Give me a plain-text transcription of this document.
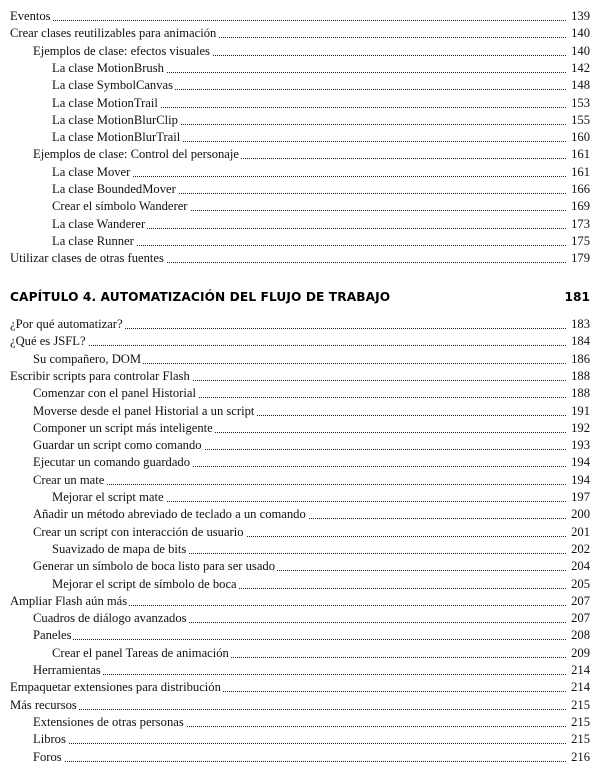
Eventos	139
Crear clases reutilizables para animación	140
Ejemplos de clase: efectos visuales	140
La clase MotionBrush	142
La clase SymbolCanvas	148
La clase MotionTrail	153
La clase MotionBlurClip	155
La clase MotionBlurTrail	160
Ejemplos de clase: Control del personaje	161
La clase Mover	161
La clase BoundedMover	166
Crear el símbolo Wanderer	169
La clase Wanderer	173
La clase Runner	175
Utilizar clases de otras fuentes	179
CAPÍTULO 4. AUTOMATIZACIÓN DEL FLUJO DE TRABAJO	181
¿Por qué automatizar?	183
¿Qué es JSFL?	184
Su compañero, DOM	186
Escribir scripts para controlar Flash	188
Comenzar con el panel Historial	188
Moverse desde el panel Historial a un script	191
Componer un script más inteligente	192
Guardar un script como comando	193
Ejecutar un comando guardado	194
Crear un mate	194
Mejorar el script mate	197
Añadir un método abreviado de teclado a un comando	200
Crear un script con interacción de usuario	201
Suavizado de mapa de bits	202
Generar un símbolo de boca listo para ser usado	204
Mejorar el script de símbolo de boca	205
Ampliar Flash aún más	207
Cuadros de diálogo avanzados	207
Paneles	208
Crear el panel Tareas de animación	209
Herramientas	214
Empaquetar extensiones para distribución	214
Más recursos	215
Extensiones de otras personas	215
Libros	215
Foros	216
